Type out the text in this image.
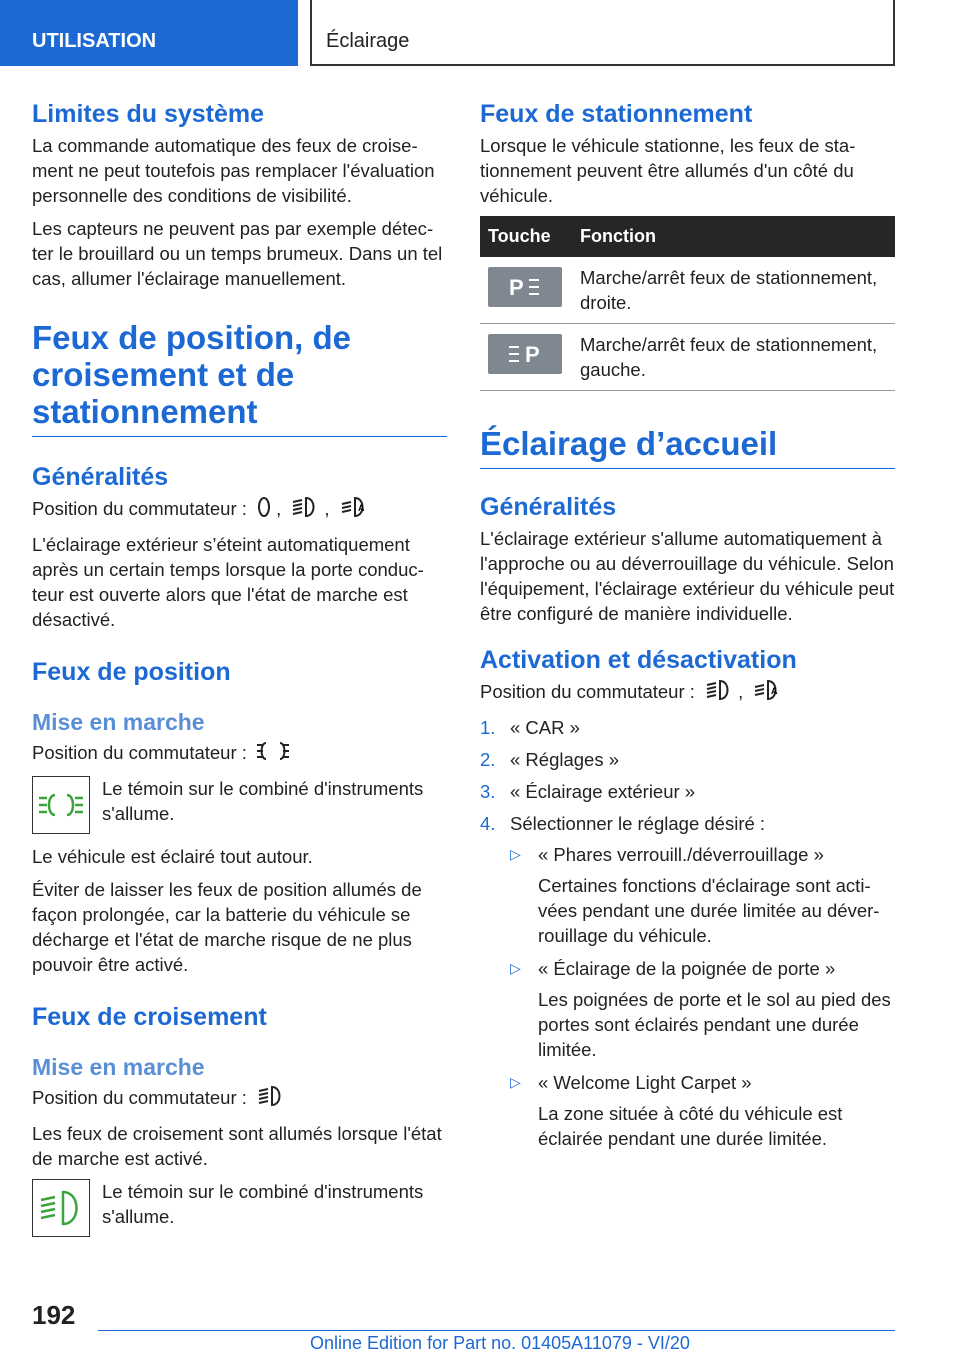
UTILISATION	Éclairage
Limites du système

La commande automatique des feux de croisement ne peut toutefois pas remplacer l'évaluation personnelle des conditions de visibilité.

Les capteurs ne peuvent pas par exemple détecter le brouillard ou un temps brumeux. Dans un tel cas, allumer l'éclairage manuellement.

Feux de position, de croisement et de stationnement
Généralités

Position du commutateur : , ,	A

L'éclairage extérieur s’éteint automatiquement après un certain temps lorsque la porte conducteur est ouverte alors que l'état de marche est désactivé.

Feux de position
Mise en marche

Position du commutateur :

Le témoin sur le combiné d'instruments s'allume.

Le véhicule est éclairé tout autour.

Éviter de laisser les feux de position allumés de façon prolongée, car la batterie du véhicule se décharge et l'état de marche risque de ne plus pouvoir être activé.

Feux de croisement
Mise en marche

Position du commutateur :

Les feux de croisement sont allumés lorsque l'état de marche est activé.

Le témoin sur le combiné d'instruments s'allume.

Feux de stationnement

Lorsque le véhicule stationne, les feux de stationnement peuvent être allumés d'un côté du véhicule.

Touche	Fonction

P	Marche/arrêt feux de stationnement, droite.

P	Marche/arrêt feux de stationnement, gauche.
Éclairage d’accueil
Généralités

L'éclairage extérieur s'allume automatiquement à l'approche ou au déverrouillage du véhicule. Selon l'équipement, l'éclairage extérieur du véhicule peut être configuré de manière individuelle.

Activation et désactivation

Position du commutateur : ,	A

1. « CAR »
2. « Réglages »
3. « Éclairage extérieur »
4. Sélectionner le réglage désiré :
▷ « Phares verrouill./déverrouillage »

Certaines fonctions d'éclairage sont activées pendant une durée limitée au déverrouillage du véhicule.

▷ « Éclairage de la poignée de porte »

Les poignées de porte et le sol au pied des portes sont éclairés pendant une durée limitée.

▷ « Welcome Light Carpet »

La zone située à côté du véhicule est éclairée pendant une durée limitée.

192
Online Edition for Part no. 01405A11079 - VI/20
